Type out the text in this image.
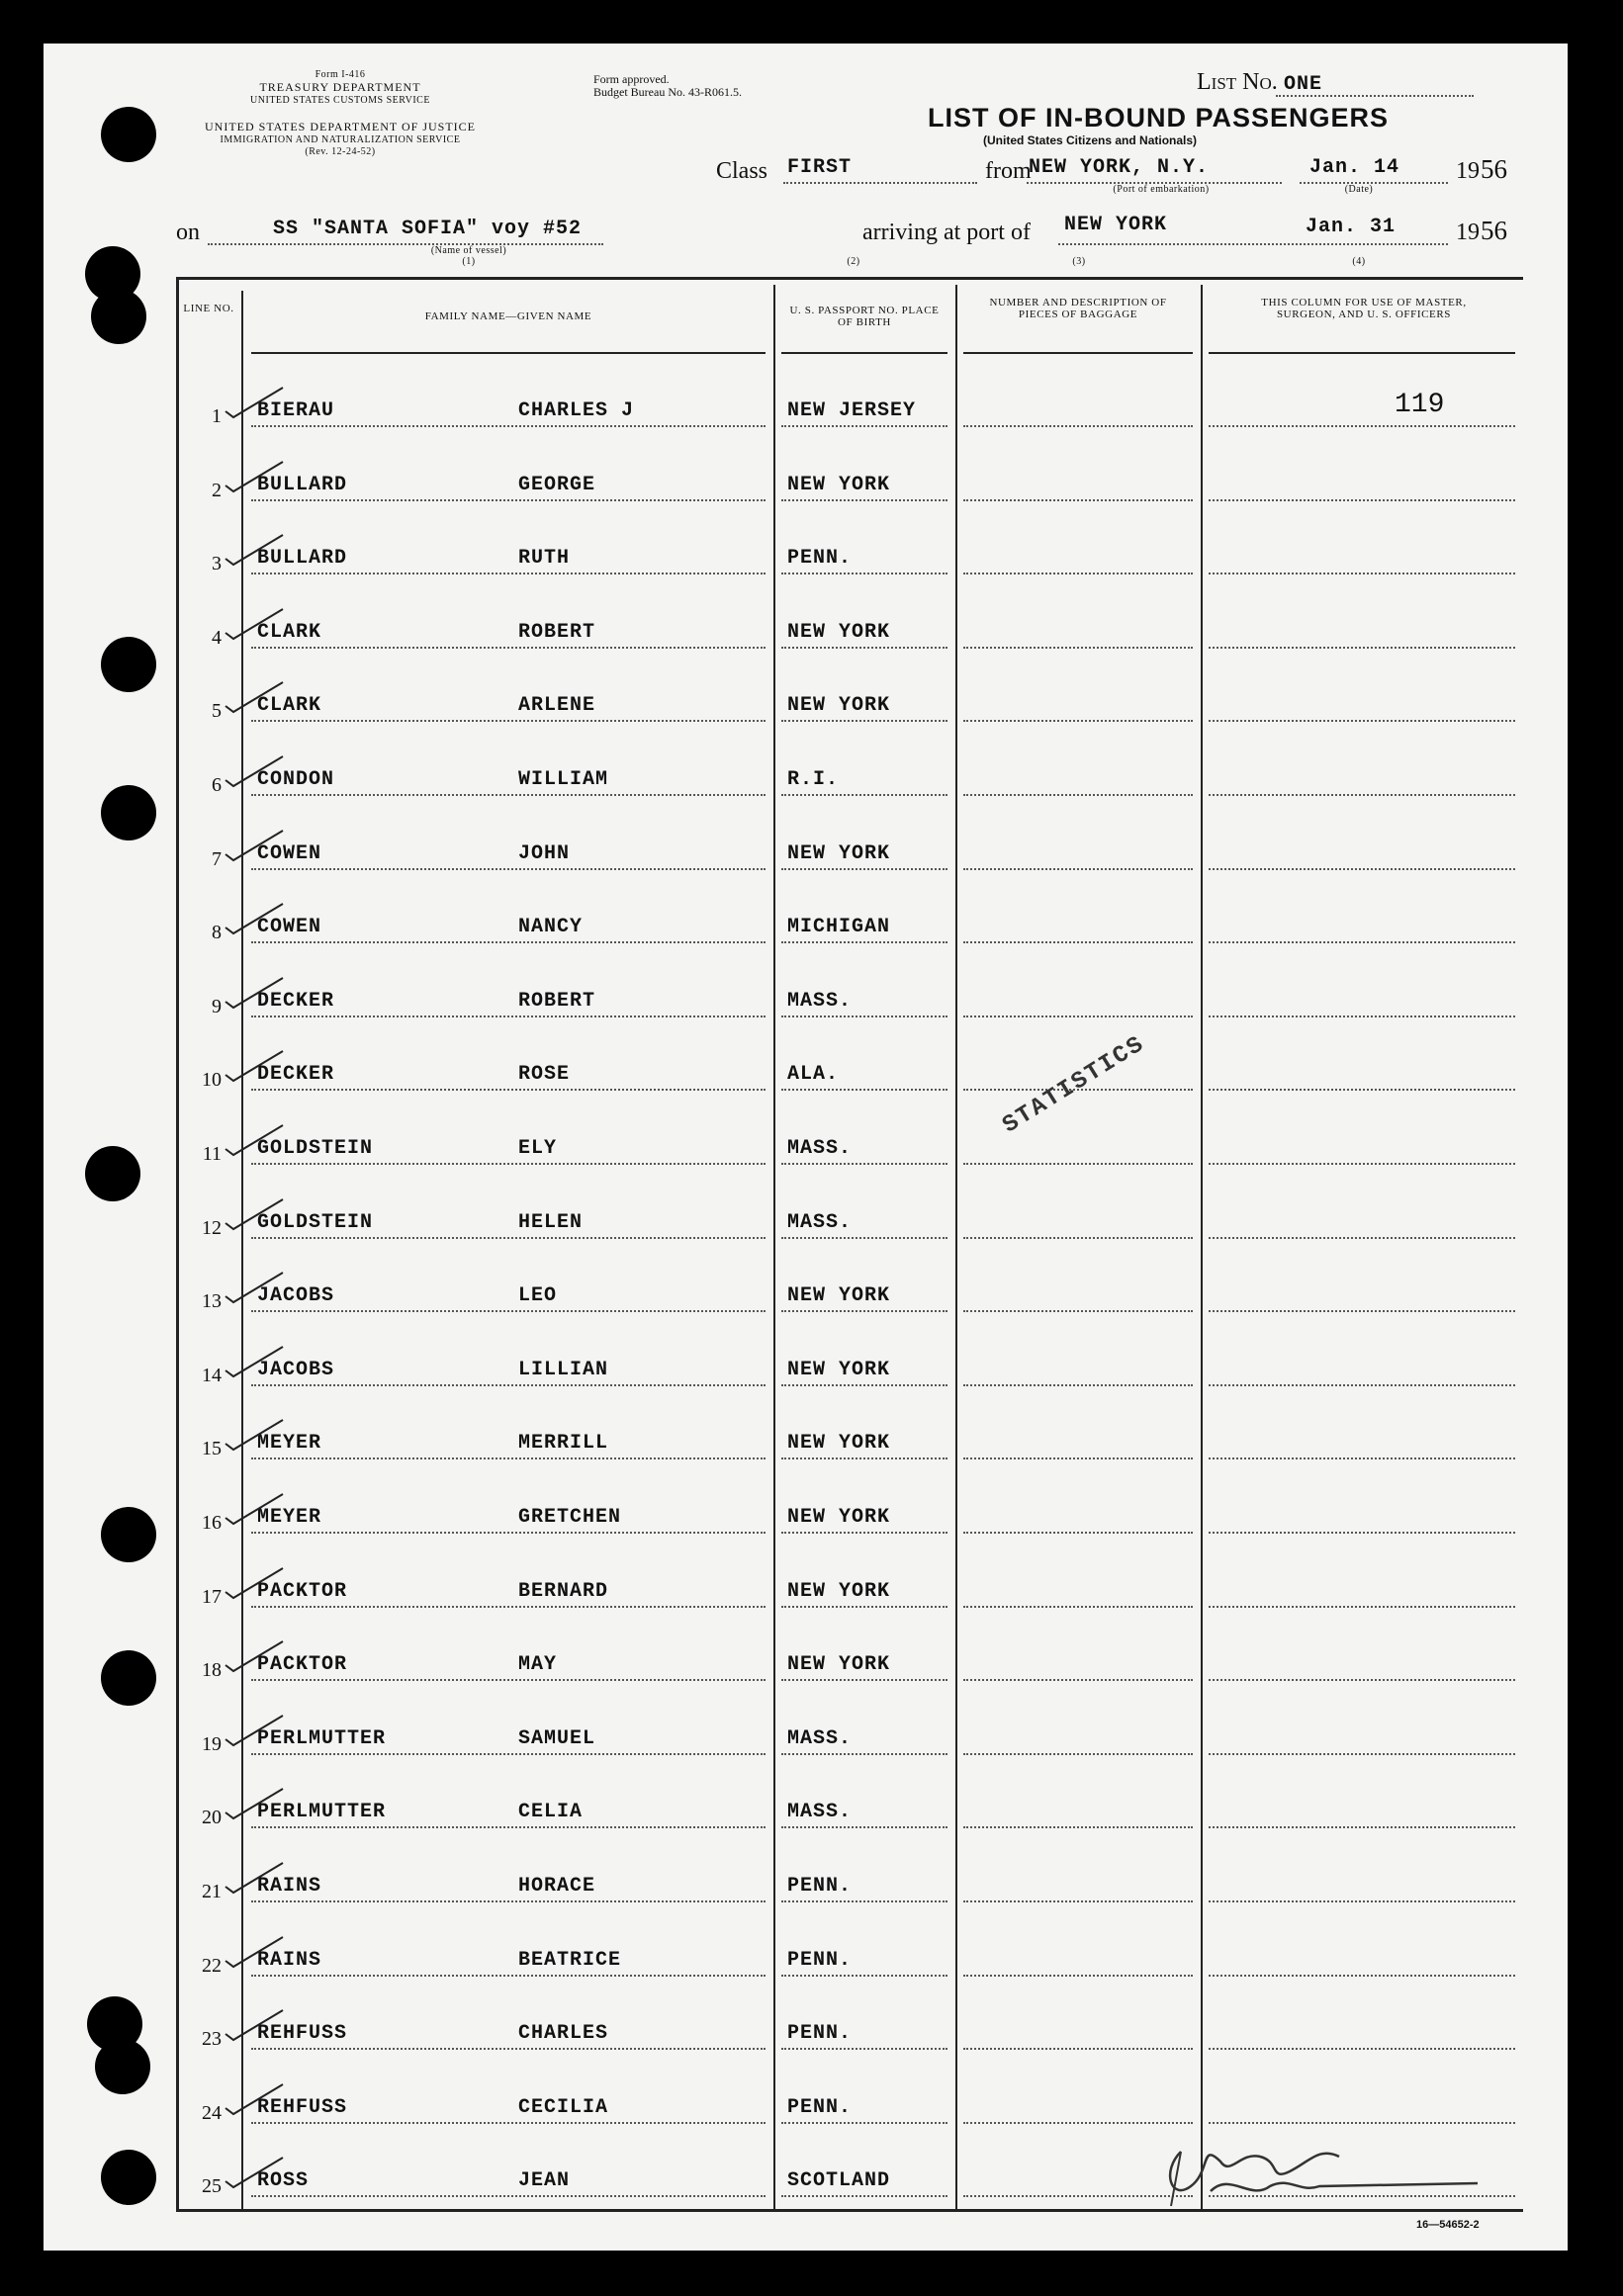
Form I-416
TREASURY DEPARTMENT
UNITED STATES CUSTOMS SERVICE
UNITED STATES DEPARTMENT OF JUSTICE
IMMIGRATION AND NATURALIZATION SERVICE
(Rev. 12-24-52)
Form approved.
Budget Bureau No. 43-R061.5.	List No. ONE
LIST OF IN-BOUND PASSENGERS
(United States Citizens and Nationals)
Class FIRST	from
NEW YORK, N.Y.
(Port of embarkation)
Jan. 14
(Date)
19 56
on	SS "SANTA SOFIA" voy #52
(Name of vessel)
(1)
arriving at port of
(2)
NEW YORK
(3)
Jan. 31
(4)
19 56
LINE NO.
FAMILY NAME—GIVEN NAME	U. S. PASSPORT NO. PLACE OF BIRTH
NUMBER AND DESCRIPTION OF PIECES OF BAGGAGE
THIS COLUMN FOR USE OF MASTER, SURGEON, AND U. S. OFFICERS
1 BIERAU	CHARLES J	NEW JERSEY
2 BULLARD	GEORGE	NEW YORK
3 BULLARD	RUTH	PENN.
4 CLARK	ROBERT	NEW YORK
5 CLARK	ARLENE	NEW YORK
6 CONDON	WILLIAM	R.I.
7 COWEN	JOHN	NEW YORK
8 COWEN	NANCY	MICHIGAN
9 DECKER	ROBERT	MASS.
10 DECKER	ROSE	ALA.
11 GOLDSTEIN	ELY	MASS.
12 GOLDSTEIN	HELEN	MASS.
13 JACOBS	LEO	NEW YORK
14 JACOBS	LILLIAN	NEW YORK
15 MEYER	MERRILL	NEW YORK
16 MEYER	GRETCHEN	NEW YORK
17 PACKTOR	BERNARD	NEW YORK
18 PACKTOR	MAY	NEW YORK
19 PERLMUTTER	SAMUEL	MASS.
20 PERLMUTTER	CELIA	MASS.
21 RAINS	HORACE	PENN.
22 RAINS	BEATRICE	PENN.
23 REHFUSS	CHARLES	PENN.
24 REHFUSS	CECILIA	PENN.
25 ROSS	JEAN	SCOTLAND
119
STATISTICS
16—54652-2
